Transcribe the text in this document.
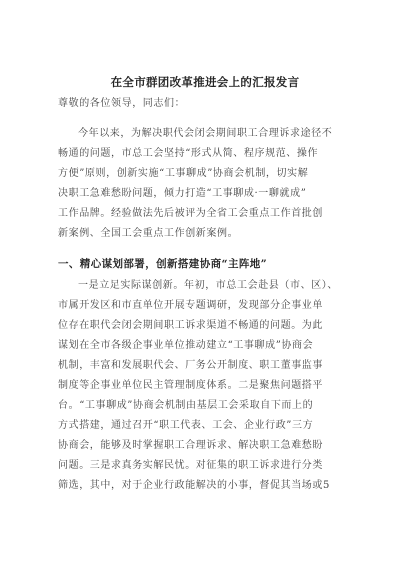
在全市群团改革推进会上的汇报发言
尊敬的各位领导，同志们：
今年以来，为解决职代会闭会期间职工合理诉求途径不
畅通的问题，市总工会坚持“形式从简、程序规范、操作
方便”原则，创新实施“工事聊成”协商会机制，切实解
决职工急难愁盼问题，倾力打造“工事聊成·一聊就成”
工作品牌。经验做法先后被评为全省工会重点工作首批创
新案例、全国工会重点工作创新案例。
一、精心谋划部署，创新搭建协商“主阵地”
一是立足实际谋创新。年初，市总工会赴县（市、区）、
市属开发区和市直单位开展专题调研，发现部分企事业单
位存在职代会闭会期间职工诉求渠道不畅通的问题。为此
谋划在全市各级企事业单位推动建立“工事聊成”协商会
机制，丰富和发展职代会、厂务公开制度、职工董事监事
制度等企事业单位民主管理制度体系。二是聚焦问题搭平
台。“工事聊成”协商会机制由基层工会采取自下而上的
方式搭建，通过召开“职工代表、工会、企业行政”三方
协商会，能够及时掌握职工合理诉求、解决职工急难愁盼
问题。三是求真务实解民忧。对征集的职工诉求进行分类
筛选，其中，对于企业行政能解决的小事，督促其当场或5
